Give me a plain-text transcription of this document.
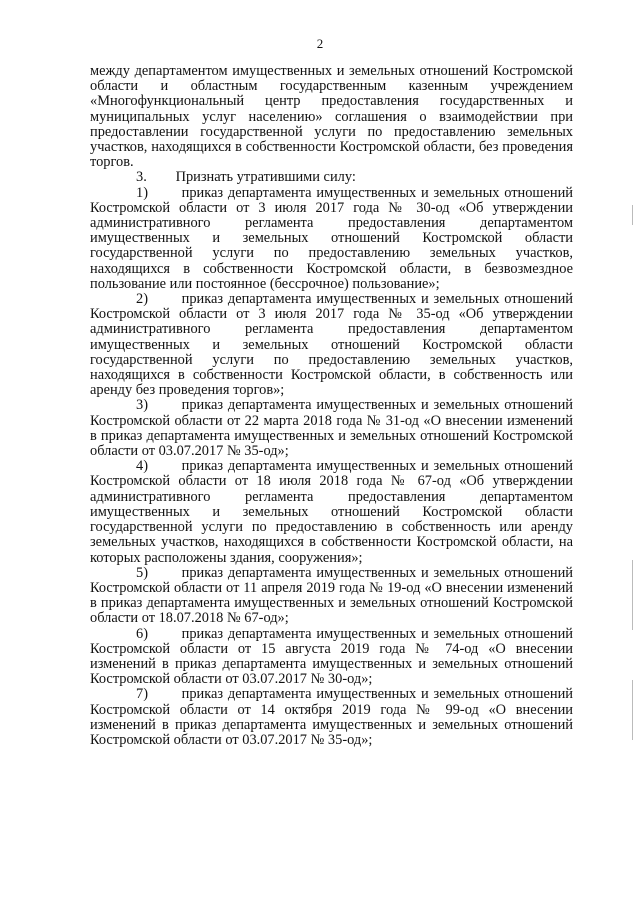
2

между департаментом имущественных и земельных отношений Костромской области и областным государственным казенным учреждением «Многофункциональный центр предоставления государственных и муниципальных услуг населению» соглашения о взаимодействии при предоставлении государственной услуги по предоставлению земельных участков, находящихся в собственности Костромской области, без проведения торгов.

3.        Признать утратившими силу:

1)       приказ департамента имущественных и земельных отношений Костромской области от 3 июля 2017 года № 30-од «Об утверждении административного регламента предоставления департаментом имущественных и земельных отношений Костромской области государственной услуги по предоставлению земельных участков, находящихся в собственности Костромской области, в безвозмездное пользование или постоянное (бессрочное) пользование»;

2)       приказ департамента имущественных и земельных отношений Костромской области от 3 июля 2017 года № 35-од «Об утверждении административного регламента предоставления департаментом имущественных и земельных отношений Костромской области государственной услуги по предоставлению земельных участков, находящихся в собственности Костромской области, в собственность или аренду без проведения торгов»;

3)       приказ департамента имущественных и земельных отношений Костромской области от 22 марта 2018 года № 31-од «О внесении изменений в приказ департамента имущественных и земельных отношений Костромской области от 03.07.2017 № 35-од»;

4)       приказ департамента имущественных и земельных отношений Костромской области от 18 июля 2018 года № 67-од «Об утверждении административного регламента предоставления департаментом имущественных и земельных отношений Костромской области государственной услуги по предоставлению в собственность или аренду земельных участков, находящихся в собственности Костромской области, на которых расположены здания, сооружения»;

5)       приказ департамента имущественных и земельных отношений Костромской области от 11 апреля 2019 года № 19-од «О внесении изменений в приказ департамента имущественных и земельных отношений Костромской области от 18.07.2018 № 67-од»;

6)       приказ департамента имущественных и земельных отношений Костромской области от 15 августа 2019 года № 74-од «О внесении изменений в приказ департамента имущественных и земельных отношений Костромской области от 03.07.2017 № 30-од»;

7)       приказ департамента имущественных и земельных отношений Костромской области от 14 октября 2019 года № 99-од «О внесении изменений в приказ департамента имущественных и земельных отношений Костромской области от 03.07.2017 № 35-од»;
